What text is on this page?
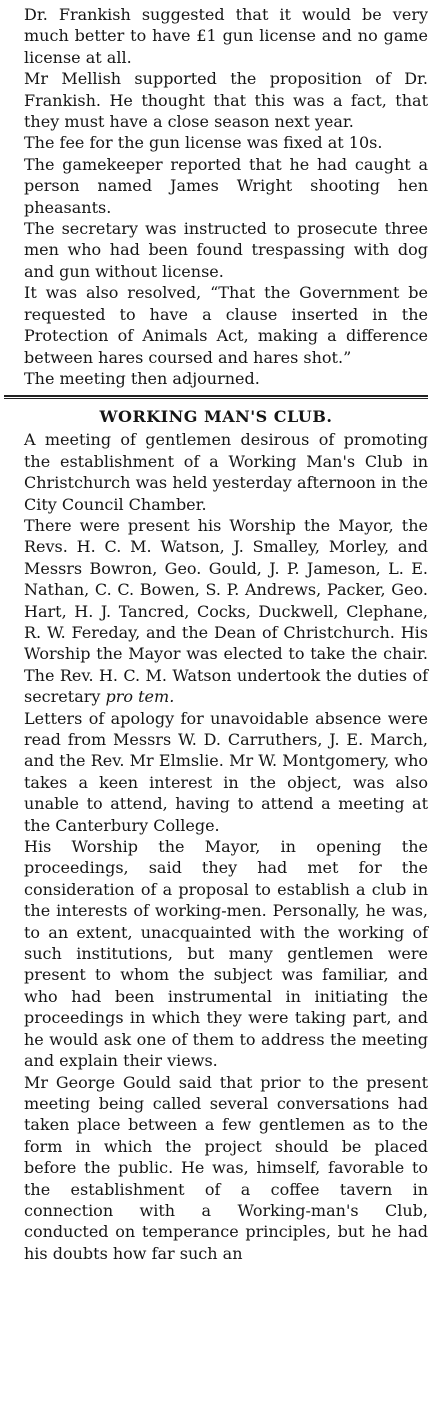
Dr. Frankish suggested that it would be very much better to have £1 gun license and no game license at all.

Mr Mellish supported the proposition of Dr. Frankish. He thought that this was a fact, that they must have a close season next year.

The fee for the gun license was fixed at 10s.

The gamekeeper reported that he had caught a person named James Wright shooting hen pheasants.

The secretary was instructed to prosecute three men who had been found trespassing with dog and gun without license.

It was also resolved, “That the Government be requested to have a clause inserted in the Protection of Animals Act, making a difference between hares coursed and hares shot.”

The meeting then adjourned.

WORKING MAN'S CLUB.

A meeting of gentlemen desirous of promoting the establishment of a Working Man's Club in Christchurch was held yesterday afternoon in the City Council Chamber.

There were present his Worship the Mayor, the Revs. H. C. M. Watson, J. Smalley, Morley, and Messrs Bowron, Geo. Gould, J. P. Jameson, L. E. Nathan, C. C. Bowen, S. P. Andrews, Packer, Geo. Hart, H. J. Tancred, Cocks, Duckwell, Clephane, R. W. Fereday, and the Dean of Christchurch. His Worship the Mayor was elected to take the chair. The Rev. H. C. M. Watson undertook the duties of secretary pro tem.

Letters of apology for unavoidable absence were read from Messrs W. D. Carruthers, J. E. March, and the Rev. Mr Elmslie. Mr W. Montgomery, who takes a keen interest in the object, was also unable to attend, having to attend a meeting at the Canterbury College.

His Worship the Mayor, in opening the proceedings, said they had met for the consideration of a proposal to establish a club in the interests of working-men. Personally, he was, to an extent, unacquainted with the working of such institutions, but many gentlemen were present to whom the subject was familiar, and who had been instrumental in initiating the proceedings in which they were taking part, and he would ask one of them to address the meeting and explain their views.

Mr George Gould said that prior to the present meeting being called several conversations had taken place between a few gentlemen as to the form in which the project should be placed before the public. He was, himself, favorable to the establishment of a coffee tavern in connection with a Working-man's Club, conducted on temperance principles, but he had his doubts how far such an
